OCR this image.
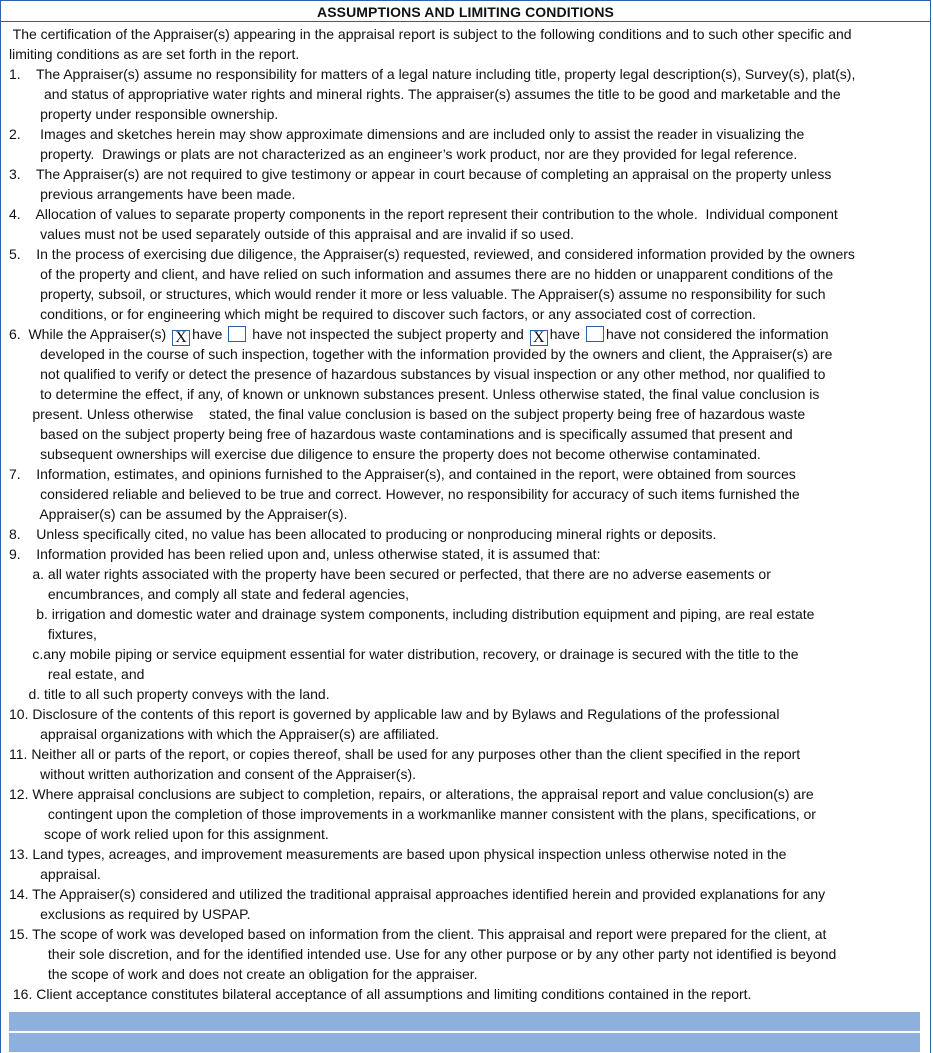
ASSUMPTIONS AND LIMITING CONDITIONS
The certification of the Appraiser(s) appearing in the appraisal report is subject to the following conditions and to such other specific and
limiting conditions as are set forth in the report.
1.    The Appraiser(s) assume no responsibility for matters of a legal nature including title, property legal description(s), Survey(s), plat(s),
and status of appropriative water rights and mineral rights. The appraiser(s) assumes the title to be good and marketable and the
property under responsible ownership.
2.     Images and sketches herein may show approximate dimensions and are included only to assist the reader in visualizing the
property.  Drawings or plats are not characterized as an engineer’s work product, nor are they provided for legal reference.
3.    The Appraiser(s) are not required to give testimony or appear in court because of completing an appraisal on the property unless
previous arrangements have been made.
4.    Allocation of values to separate property components in the report represent their contribution to the whole.  Individual component
values must not be used separately outside of this appraisal and are invalid if so used.
5.    In the process of exercising due diligence, the Appraiser(s) requested, reviewed, and considered information provided by the owners
of the property and client, and have relied on such information and assumes there are no hidden or unapparent conditions of the
property, subsoil, or structures, which would render it more or less valuable. The Appraiser(s) assume no responsibility for such
conditions, or for engineering which might be required to discover such factors, or any associated cost of correction.
developed in the course of such inspection, together with the information provided by the owners and client, the Appraiser(s) are
not qualified to verify or detect the presence of hazardous substances by visual inspection or any other method, nor qualified to
to determine the effect, if any, of known or unknown substances present. Unless otherwise stated, the final value conclusion is
present. Unless otherwise    stated, the final value conclusion is based on the subject property being free of hazardous waste
based on the subject property being free of hazardous waste contaminations and is specifically assumed that present and
subsequent ownerships will exercise due diligence to ensure the property does not become otherwise contaminated.
7.    Information, estimates, and opinions furnished to the Appraiser(s), and contained in the report, were obtained from sources
considered reliable and believed to be true and correct. However, no responsibility for accuracy of such items furnished the
Appraiser(s) can be assumed by the Appraiser(s).
8.    Unless specifically cited, no value has been allocated to producing or nonproducing mineral rights or deposits.
9.    Information provided has been relied upon and, unless otherwise stated, it is assumed that:
a. all water rights associated with the property have been secured or perfected, that there are no adverse easements or
encumbrances, and comply all state and federal agencies,
b. irrigation and domestic water and drainage system components, including distribution equipment and piping, are real estate
fixtures,
c.any mobile piping or service equipment essential for water distribution, recovery, or drainage is secured with the title to the
real estate, and
d. title to all such property conveys with the land.
10. Disclosure of the contents of this report is governed by applicable law and by Bylaws and Regulations of the professional
appraisal organizations with which the Appraiser(s) are affiliated.
11. Neither all or parts of the report, or copies thereof, shall be used for any purposes other than the client specified in the report
without written authorization and consent of the Appraiser(s).
12. Where appraisal conclusions are subject to completion, repairs, or alterations, the appraisal report and value conclusion(s) are
contingent upon the completion of those improvements in a workmanlike manner consistent with the plans, specifications, or
scope of work relied upon for this assignment.
13. Land types, acreages, and improvement measurements are based upon physical inspection unless otherwise noted in the
appraisal.
14. The Appraiser(s) considered and utilized the traditional appraisal approaches identified herein and provided explanations for any
exclusions as required by USPAP.
15. The scope of work was developed based on information from the client. This appraisal and report were prepared for the client, at
their sole discretion, and for the identified intended use. Use for any other purpose or by any other party not identified is beyond
the scope of work and does not create an obligation for the appraiser.
16. Client acceptance constitutes bilateral acceptance of all assumptions and limiting conditions contained in the report.
6.  While the Appraiser(s) X have  have not inspected the subject property and X have have not considered the information
